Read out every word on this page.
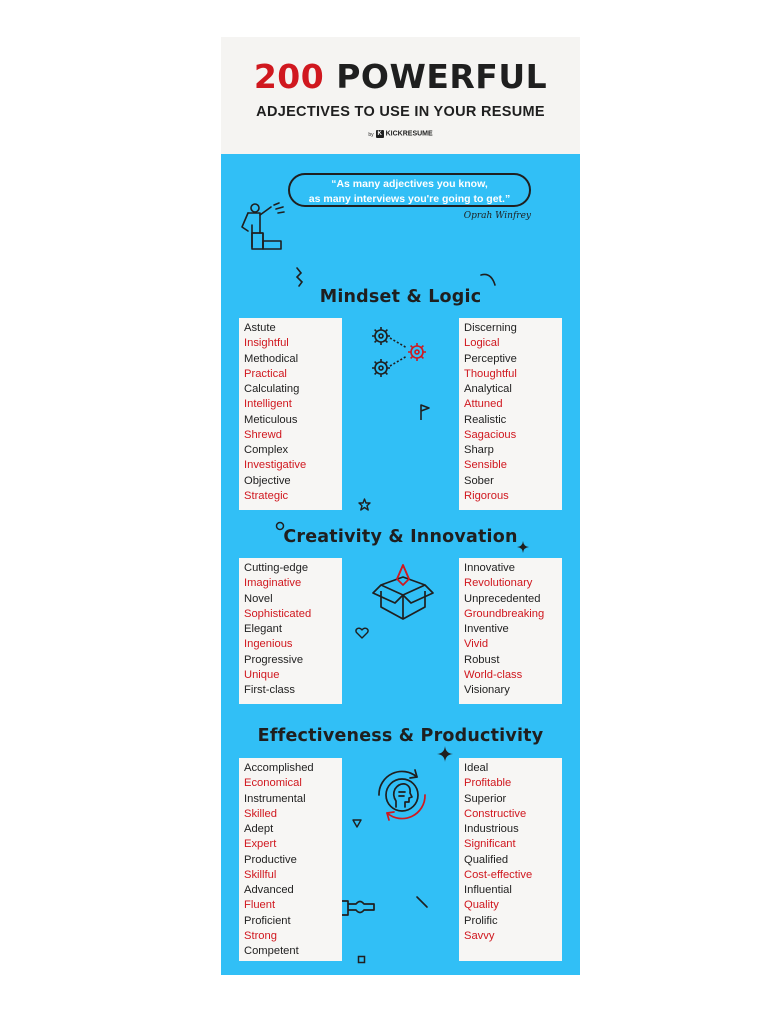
200 POWERFUL
ADJECTIVES TO USE IN YOUR RESUME
by K KICKRESUME
“As many adjectives you know,
as many interviews you're going to get.”
Oprah Winfrey
Mindset & Logic
Astute
Insightful
Methodical
Practical
Calculating
Intelligent
Meticulous
Shrewd
Complex
Investigative
Objective
Strategic
Discerning
Logical
Perceptive
Thoughtful
Analytical
Attuned
Realistic
Sagacious
Sharp
Sensible
Sober
Rigorous
Creativity & Innovation
Cutting-edge
Imaginative
Novel
Sophisticated
Elegant
Ingenious
Progressive
Unique
First-class
Innovative
Revolutionary
Unprecedented
Groundbreaking
Inventive
Vivid
Robust
World-class
Visionary
Effectiveness & Productivity
Accomplished
Economical
Instrumental
Skilled
Adept
Expert
Productive
Skillful
Advanced
Fluent
Proficient
Strong
Competent
Ideal
Profitable
Superior
Constructive
Industrious
Significant
Qualified
Cost-effective
Influential
Quality
Prolific
Savvy
